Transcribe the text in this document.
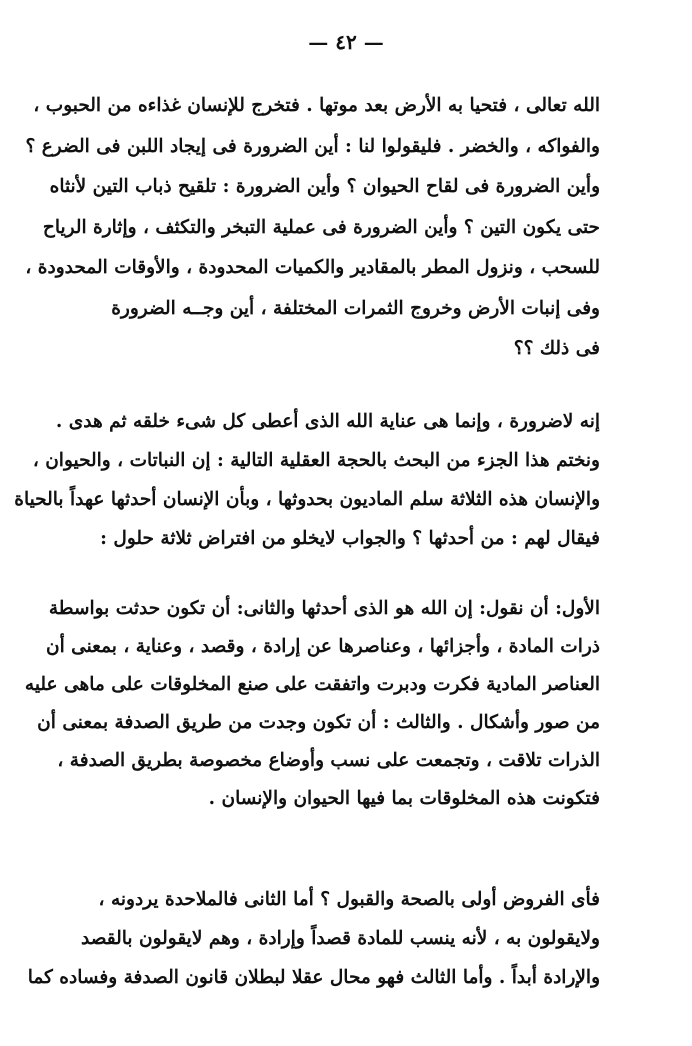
— ٤٢ —
الله تعالى ، فتحيا به الأرض بعد موتها . فتخرج للإنسان غذاءه من الحبوب ،
والفواكه ، والخضر . فليقولوا لنا : أين الضرورة فى إيجاد اللبن فى الضرع ؟
وأين الضرورة فى لقاح الحيوان ؟ وأين الضرورة : تلقيح ذباب التين لأنثاه
حتى يكون التين ؟ وأين الضرورة فى عملية التبخر والتكثف ، وإثارة الرياح
للسحب ، ونزول المطر بالمقادير والكميات المحدودة ، والأوقات المحدودة ،
وفى إنبات الأرض وخروج الثمرات المختلفة ، أين وجــه الضرورة
فى ذلك ؟؟
إنه لاضرورة ، وإنما هى عناية الله الذى أعطى كل شىء خلقه ثم هدى .
ونختم هذا الجزء من البحث بالحجة العقلية التالية : إن النباتات ، والحيوان ،
والإنسان هذه الثلاثة سلم الماديون بحدوثها ، وبأن الإنسان أحدثها عهداً بالحياة
فيقال لهم : من أحدثها ؟ والجواب لايخلو من افتراض ثلاثة حلول :
الأول: أن نقول: إن الله هو الذى أحدثها والثانى: أن تكون حدثت بواسطة
ذرات المادة ، وأجزائها ، وعناصرها عن إرادة ، وقصد ، وعناية ، بمعنى أن
العناصر المادية فكرت ودبرت واتفقت على صنع المخلوقات على ماهى عليه
من صور وأشكال . والثالث : أن تكون وجدت من طريق الصدفة بمعنى أن
الذرات تلاقت ، وتجمعت على نسب وأوضاع مخصوصة بطريق الصدفة ،
فتكونت هذه المخلوقات بما فيها الحيوان والإنسان .
فأى الفروض أولى بالصحة والقبول ؟ أما الثانى فالملاحدة يردونه ،
ولايقولون به ، لأنه ينسب للمادة قصداً وإرادة ، وهم لايقولون بالقصد
والإرادة أبداً . وأما الثالث فهو محال عقلا لبطلان قانون الصدفة وفساده كما
